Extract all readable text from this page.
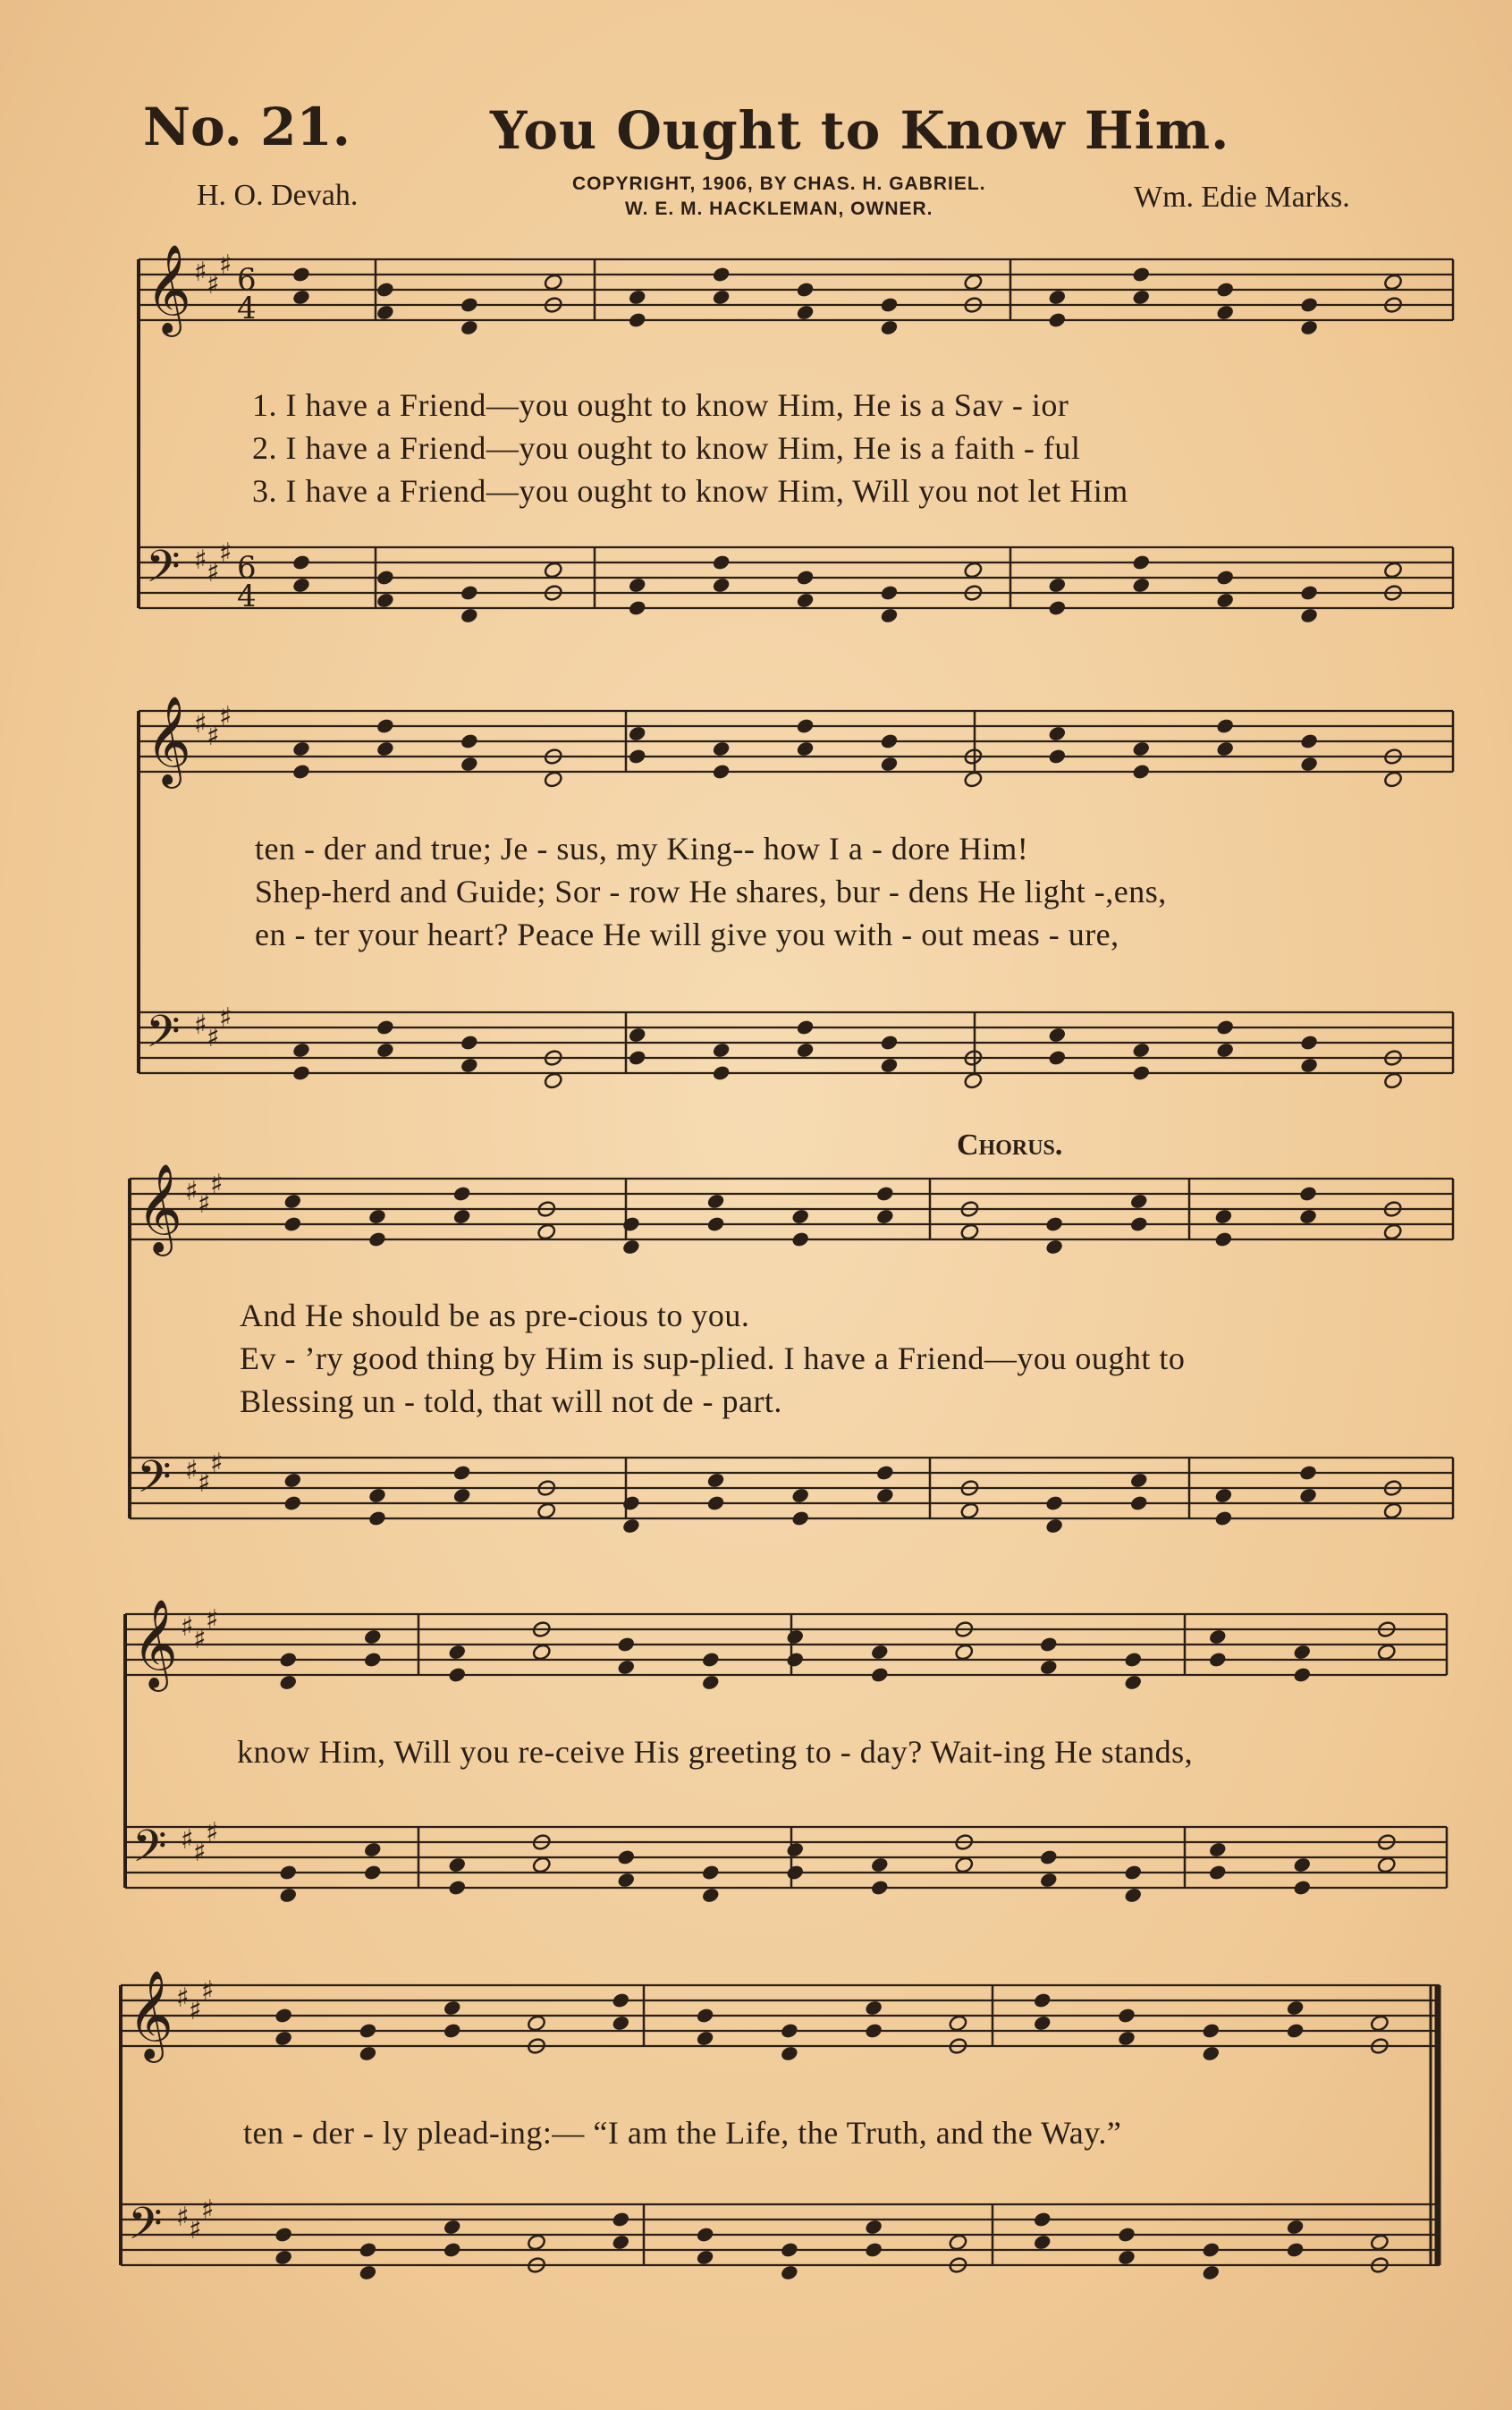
𝄞 ♯ ♯
♯ 6
4
𝄢 ♯ ♯
♯ 6
4
𝄞 ♯ ♯
♯
𝄢 ♯ ♯
♯
𝄞 ♯ ♯
♯
𝄢 ♯ ♯
♯
𝄞 ♯ ♯
♯
𝄢 ♯ ♯
♯
𝄞 ♯ ♯
♯
𝄢 ♯ ♯
♯
No. 21.	You Ought to Know Him.
H. O. Devah.	COPYRIGHT, 1906, BY CHAS. H. GABRIEL.
W. E. M. HACKLEMAN, OWNER.	Wm. Edie Marks.
1. I have a Friend—you ought to know Him, He is a Sav - ior
2. I have a Friend—you ought to know Him, He is a faith - ful
3. I have a Friend—you ought to know Him, Will you not let Him
ten - der and true; Je - sus, my King-- how I a - dore Him!
Shep-herd and Guide; Sor - row He shares, bur - dens He light -,ens,
en - ter your heart? Peace He will give you with - out meas - ure,
Chorus.
And He should be as pre-cious to you.
Ev - ’ry good thing by Him is sup-plied. I have a Friend—you ought to
Blessing un - told, that will not de - part.
know Him, Will you re-ceive His greeting to - day? Wait-ing He stands,
ten - der - ly plead-ing:— “I am the Life, the Truth, and the Way.”
